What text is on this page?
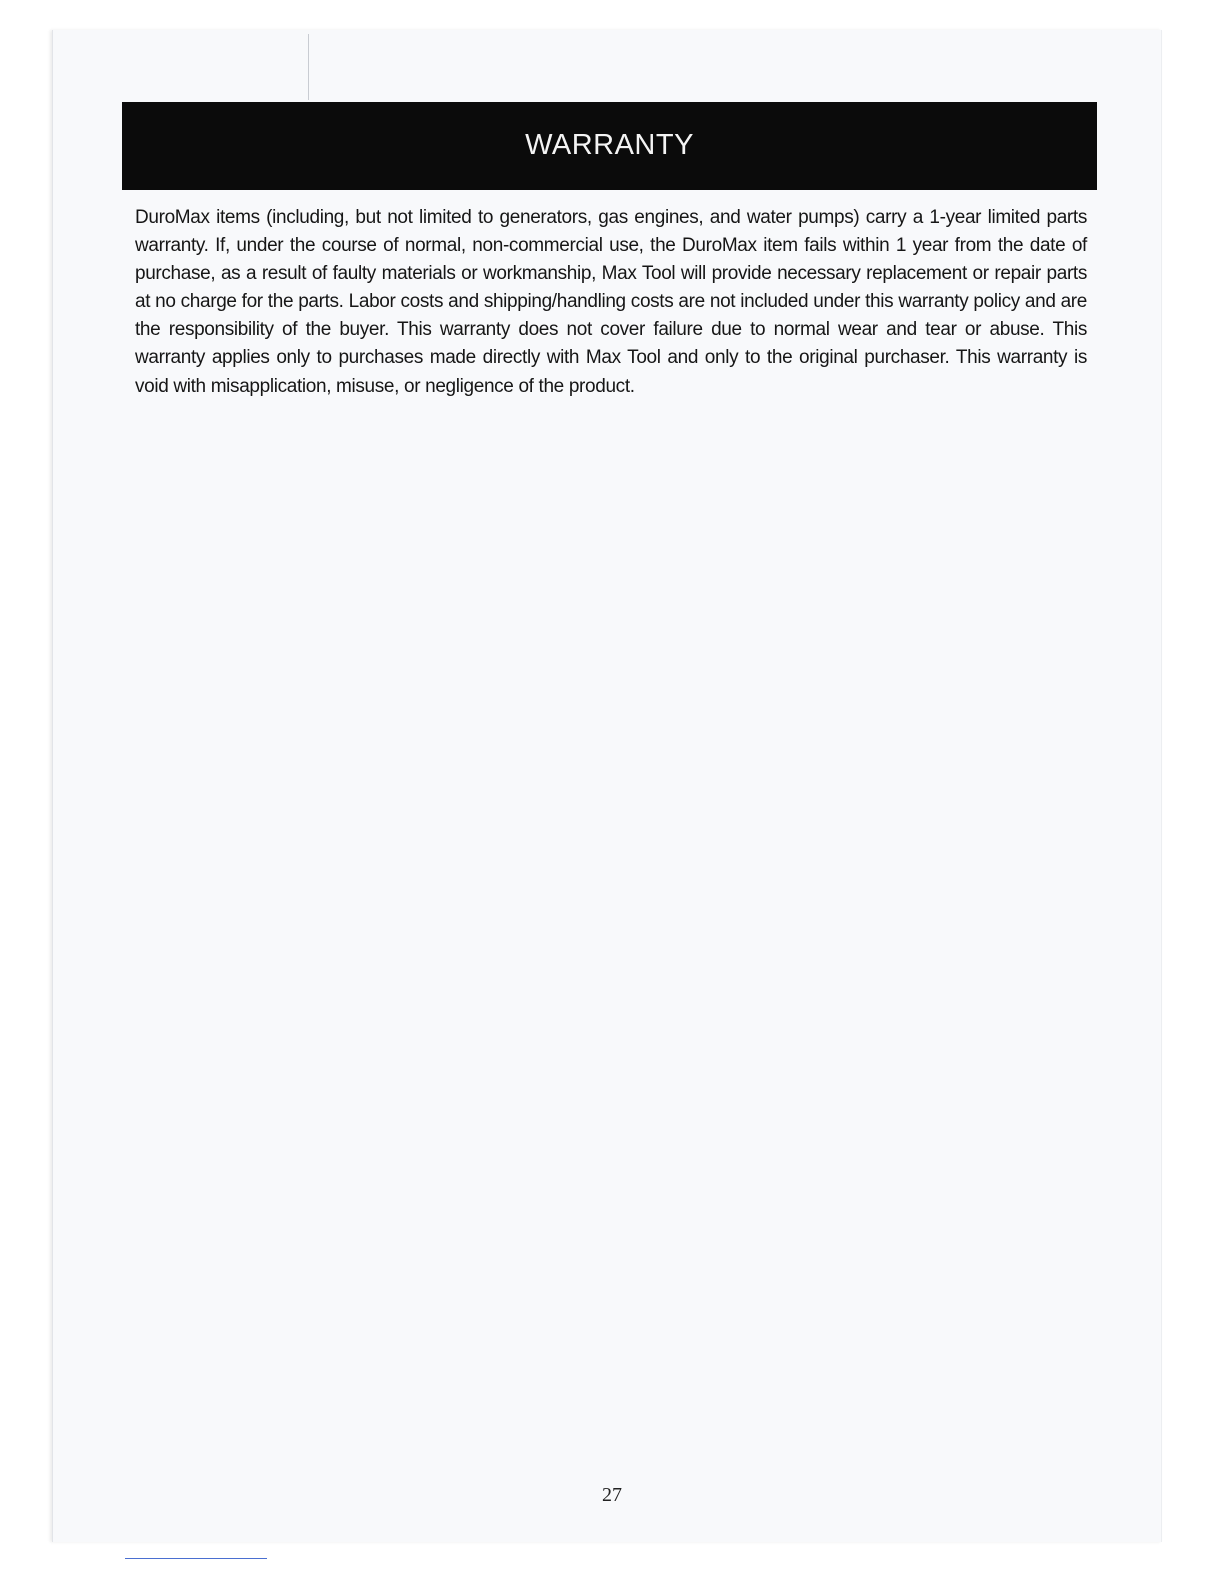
WARRANTY

DuroMax items (including, but not limited to generators, gas engines, and water pumps) carry a 1-year limited parts warranty. If, under the course of normal, non-commercial use, the DuroMax item fails within 1 year from the date of purchase, as a result of faulty materials or workmanship, Max Tool will provide necessary replacement or repair parts at no charge for the parts. Labor costs and shipping/handling costs are not included under this warranty policy and are the responsibility of the buyer. This warranty does not cover failure due to normal wear and tear or abuse. This warranty applies only to purchases made directly with Max Tool and only to the original purchaser. This warranty is void with misapplication, misuse, or negligence of the product.

27
